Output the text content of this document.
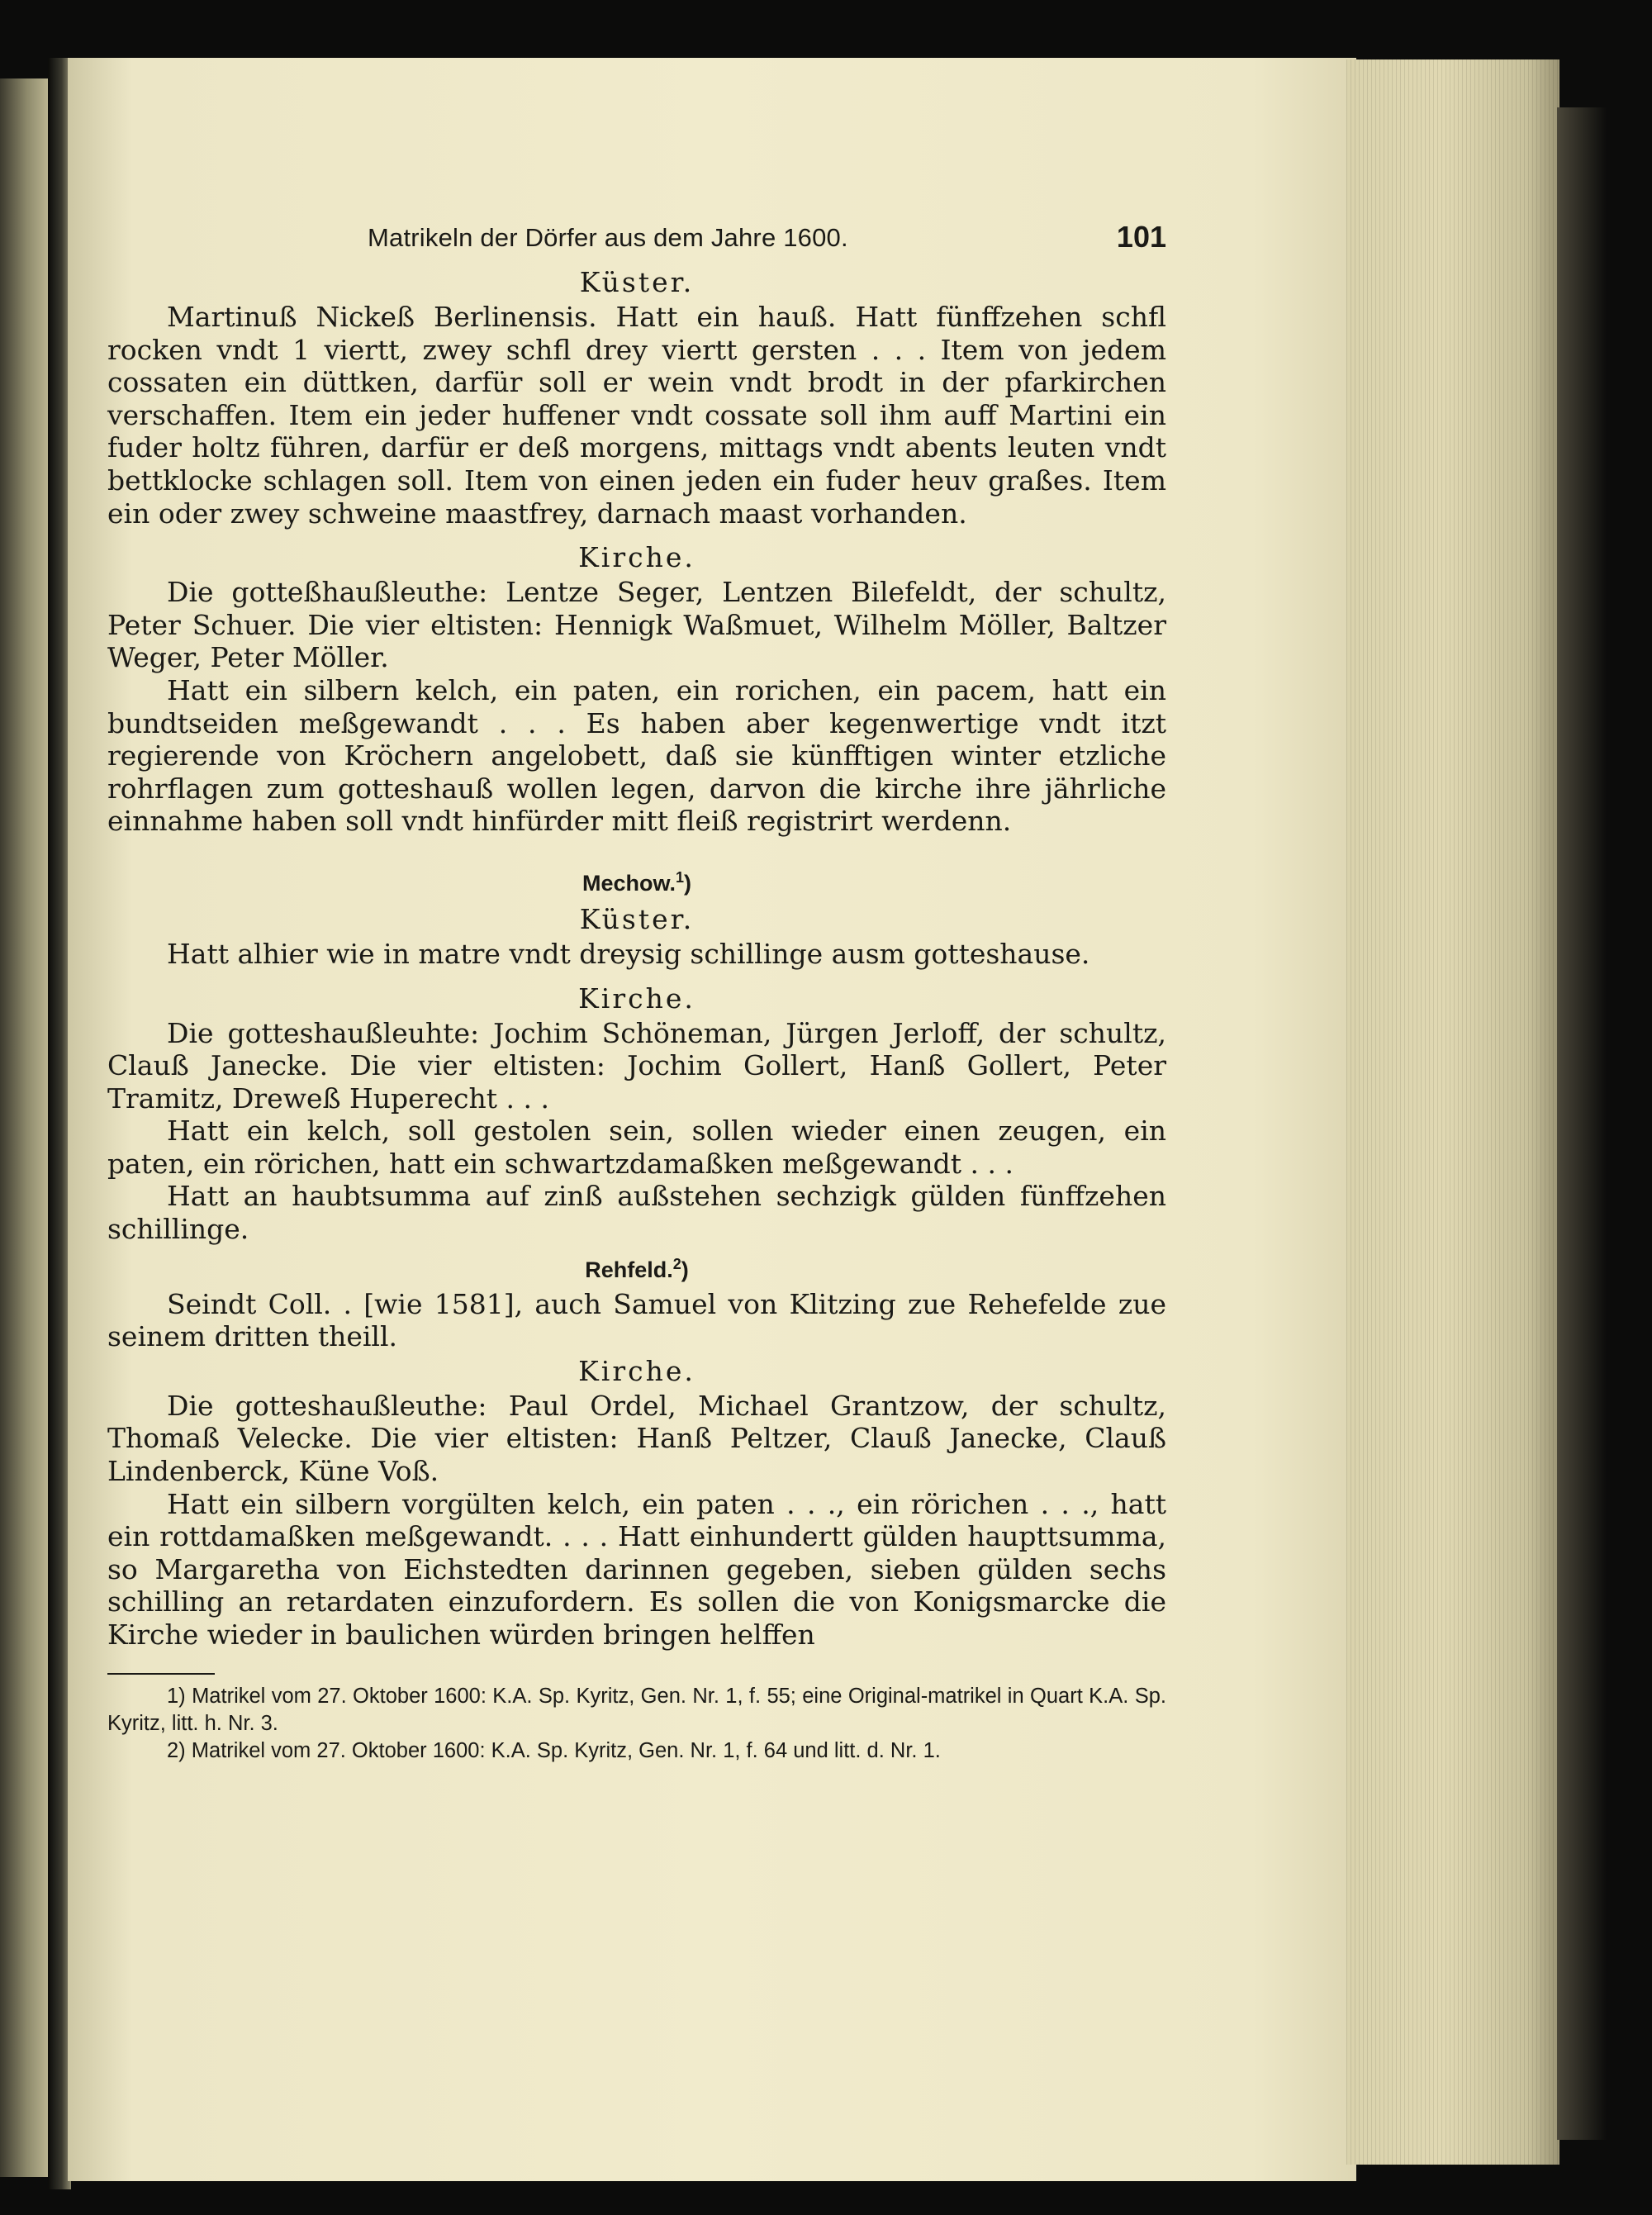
Matrikeln der Dörfer aus dem Jahre 1600.	101

Küster.

Martinuß Nickeß Berlinensis. Hatt ein hauß. Hatt fünffzehen schfl rocken vndt 1 viertt, zwey schfl drey viertt gersten . . . Item von jedem cossaten ein düttken, darfür soll er wein vndt brodt in der pfarkirchen verschaffen. Item ein jeder huffener vndt cossate soll ihm auff Martini ein fuder holtz führen, darfür er deß morgens, mittags vndt abents leuten vndt bettklocke schlagen soll. Item von einen jeden ein fuder heuv graßes. Item ein oder zwey schweine maastfrey, darnach maast vorhanden.

Kirche.

Die gotteßhaußleuthe: Lentze Seger, Lentzen Bilefeldt, der schultz, Peter Schuer. Die vier eltisten: Hennigk Waßmuet, Wilhelm Möller, Baltzer Weger, Peter Möller.

Hatt ein silbern kelch, ein paten, ein rorichen, ein pacem, hatt ein bundtseiden meßgewandt . . . Es haben aber kegenwertige vndt itzt regierende von Kröchern angelobett, daß sie künfftigen winter etzliche rohrflagen zum gotteshauß wollen legen, darvon die kirche ihre jährliche einnahme haben soll vndt hinfürder mitt fleiß registrirt werdenn.

Mechow.$^1$)

Küster.

Hatt alhier wie in matre vndt dreysig schillinge ausm gotteshause.

Kirche.

Die gotteshaußleuhte: Jochim Schöneman, Jürgen Jerloff, der schultz, Clauß Janecke. Die vier eltisten: Jochim Gollert, Hanß Gollert, Peter Tramitz, Dreweß Huperecht . . .

Hatt ein kelch, soll gestolen sein, sollen wieder einen zeugen, ein paten, ein rörichen, hatt ein schwartzdamaßken meßgewandt . . .

Hatt an haubtsumma auf zinß außstehen sechzigk gülden fünffzehen schillinge.

Rehfeld.$^2$)

Seindt Coll. . [wie 1581], auch Samuel von Klitzing zue Rehefelde zue seinem dritten theill.

Kirche.

Die gotteshaußleuthe: Paul Ordel, Michael Grantzow, der schultz, Thomaß Velecke. Die vier eltisten: Hanß Peltzer, Clauß Janecke, Clauß Lindenberck, Küne Voß.

Hatt ein silbern vorgülten kelch, ein paten . . ., ein rörichen . . ., hatt ein rottdamaßken meßgewandt. . . . Hatt einhundertt gülden haupttsumma, so Margaretha von Eichstedten darinnen gegeben, sieben gülden sechs schilling an retardaten einzufordern. Es sollen die von Konigsmarcke die Kirche wieder in baulichen würden bringen helffen

1) Matrikel vom 27. Oktober 1600: K.A. Sp. Kyritz, Gen. Nr. 1, f. 55; eine Original-matrikel in Quart K.A. Sp. Kyritz, litt. h. Nr. 3.

2) Matrikel vom 27. Oktober 1600: K.A. Sp. Kyritz, Gen. Nr. 1, f. 64 und litt. d. Nr. 1.
